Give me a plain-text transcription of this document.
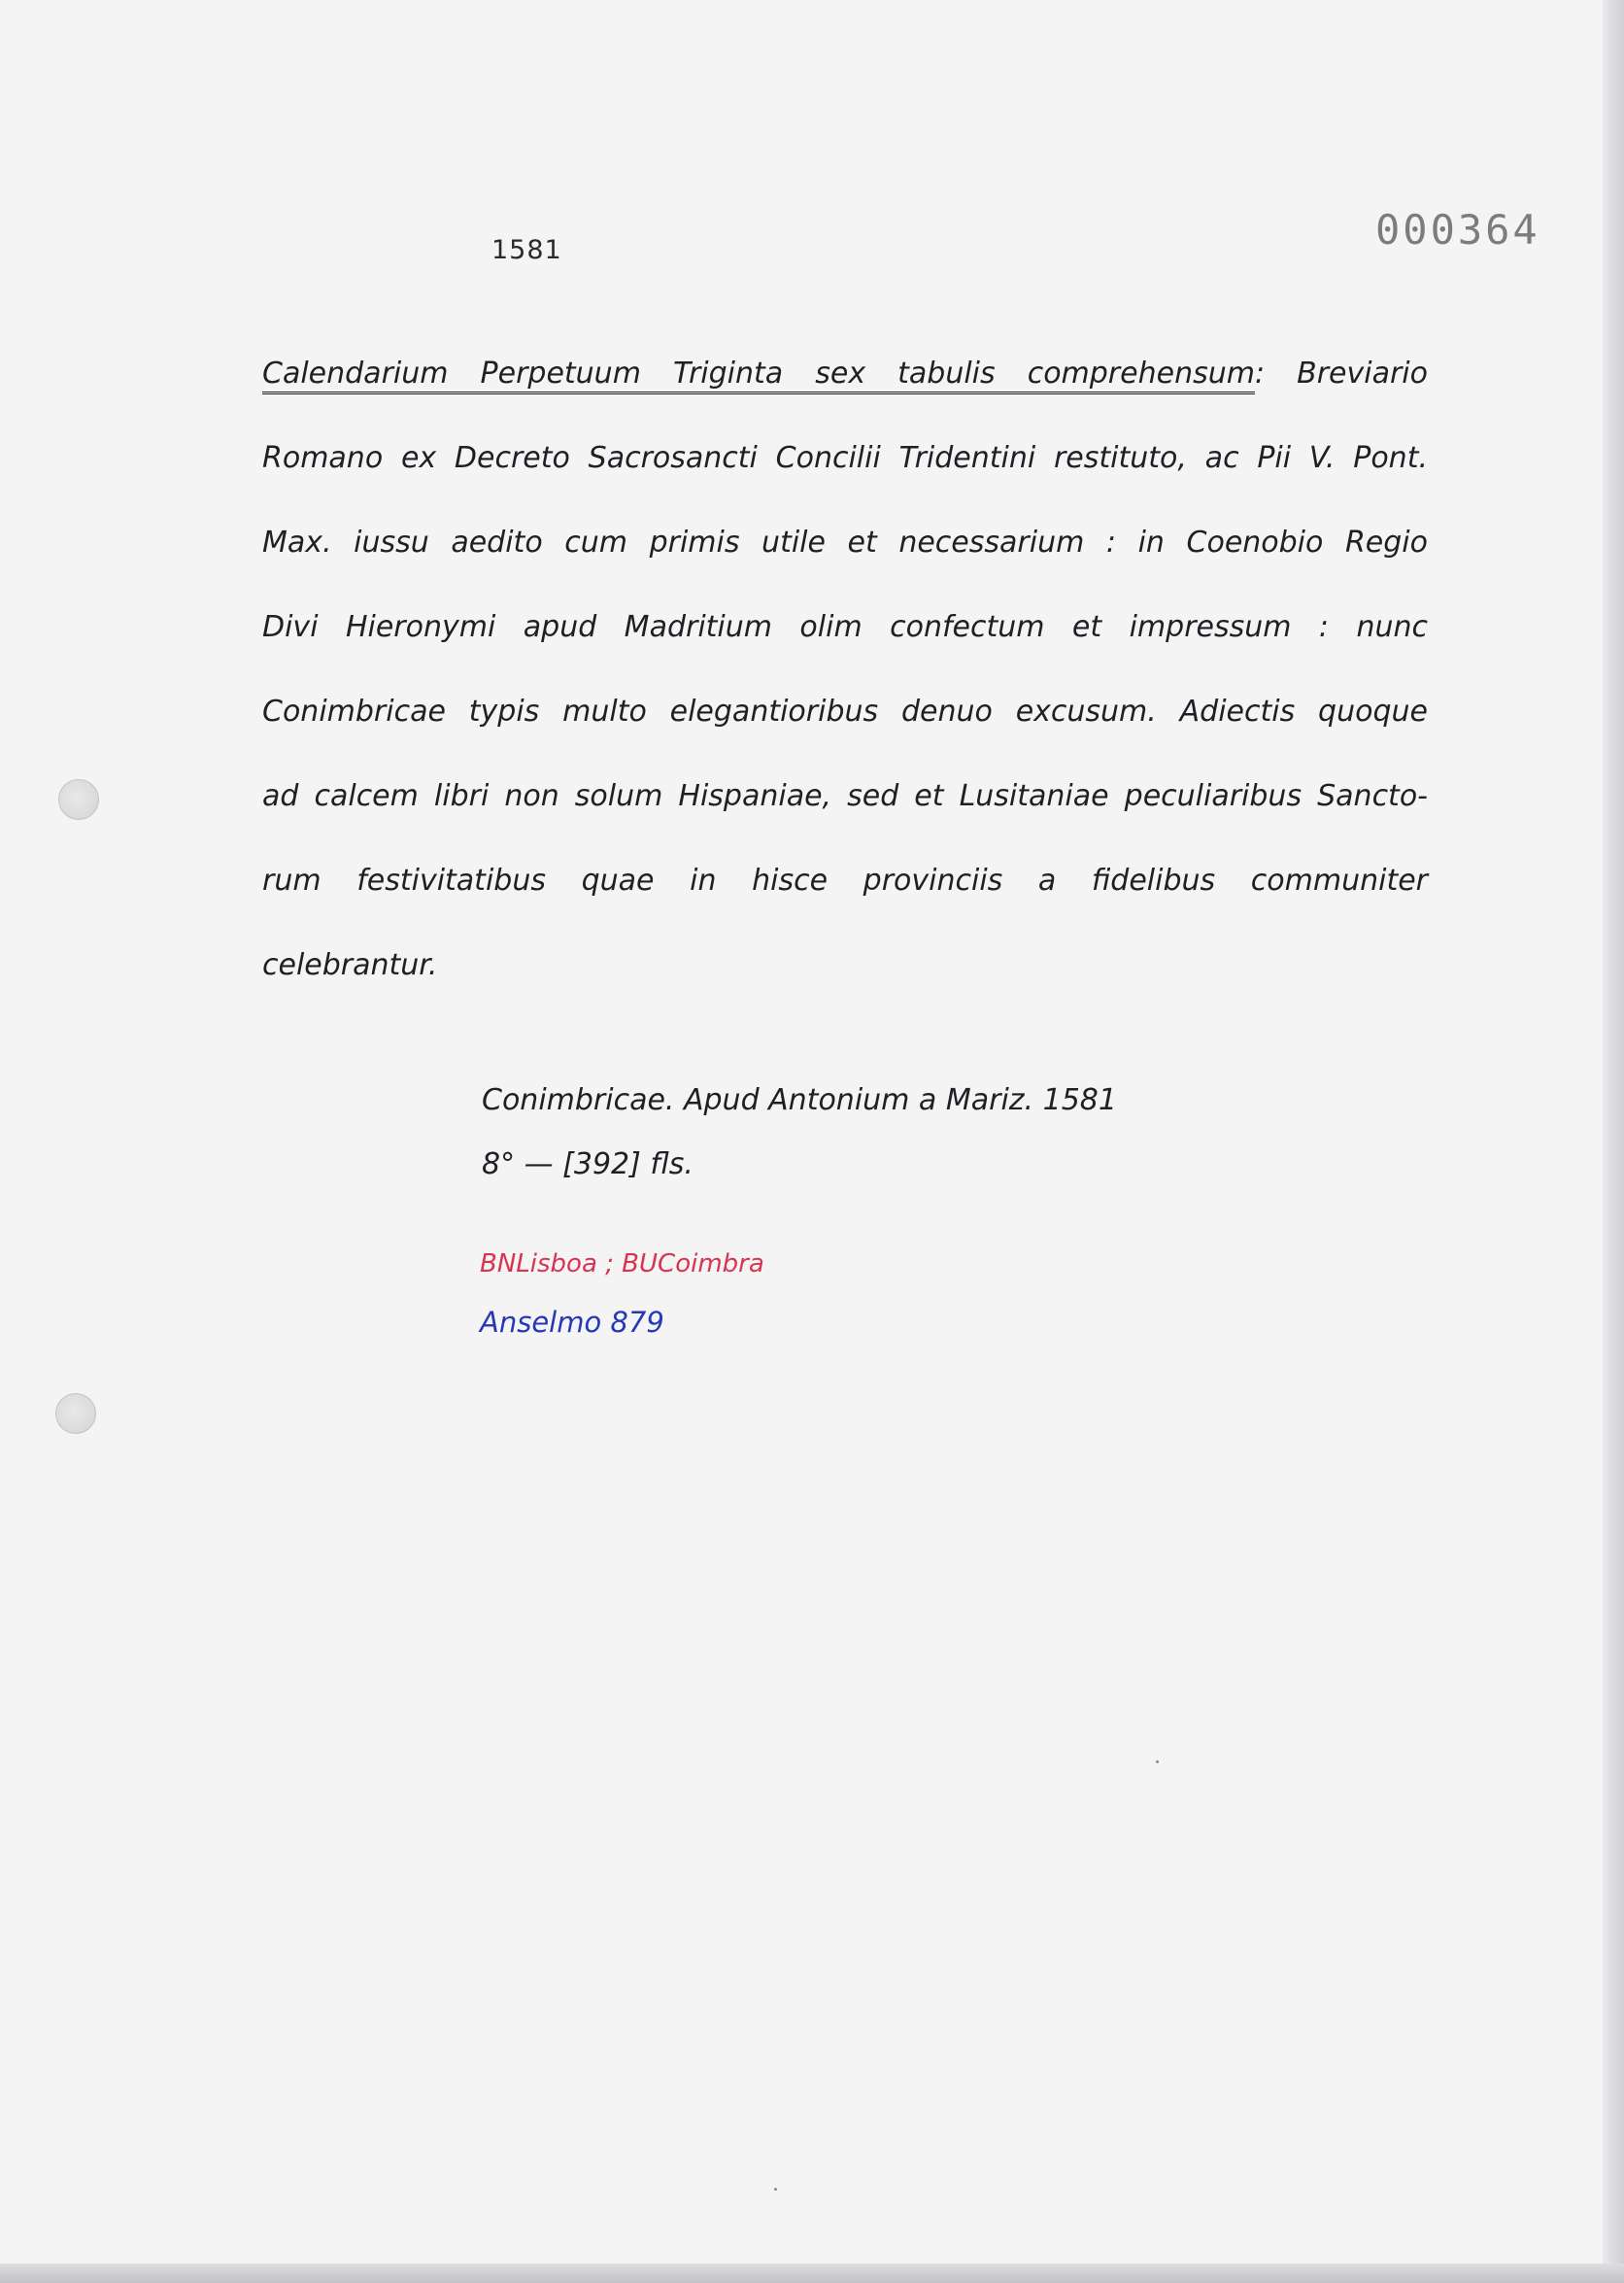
1581	000364
Calendarium Perpetuum Triginta sex tabulis comprehensum: Breviario
Romano ex Decreto Sacrosancti Concilii Tridentini restituto, ac Pii V. Pont.
Max. iussu aedito cum primis utile et necessarium : in Coenobio Regio
Divi Hieronymi apud Madritium olim confectum et impressum : nunc
Conimbricae typis multo elegantioribus denuo excusum. Adiectis quoque
ad calcem libri non solum Hispaniae, sed et Lusitaniae peculiaribus Sancto-
rum festivitatibus quae in hisce provinciis a fidelibus communiter
celebrantur.
Conimbricae. Apud Antonium a Mariz. 1581
8° — [392] fls.
BNLisboa ; BUCoimbra
Anselmo 879
